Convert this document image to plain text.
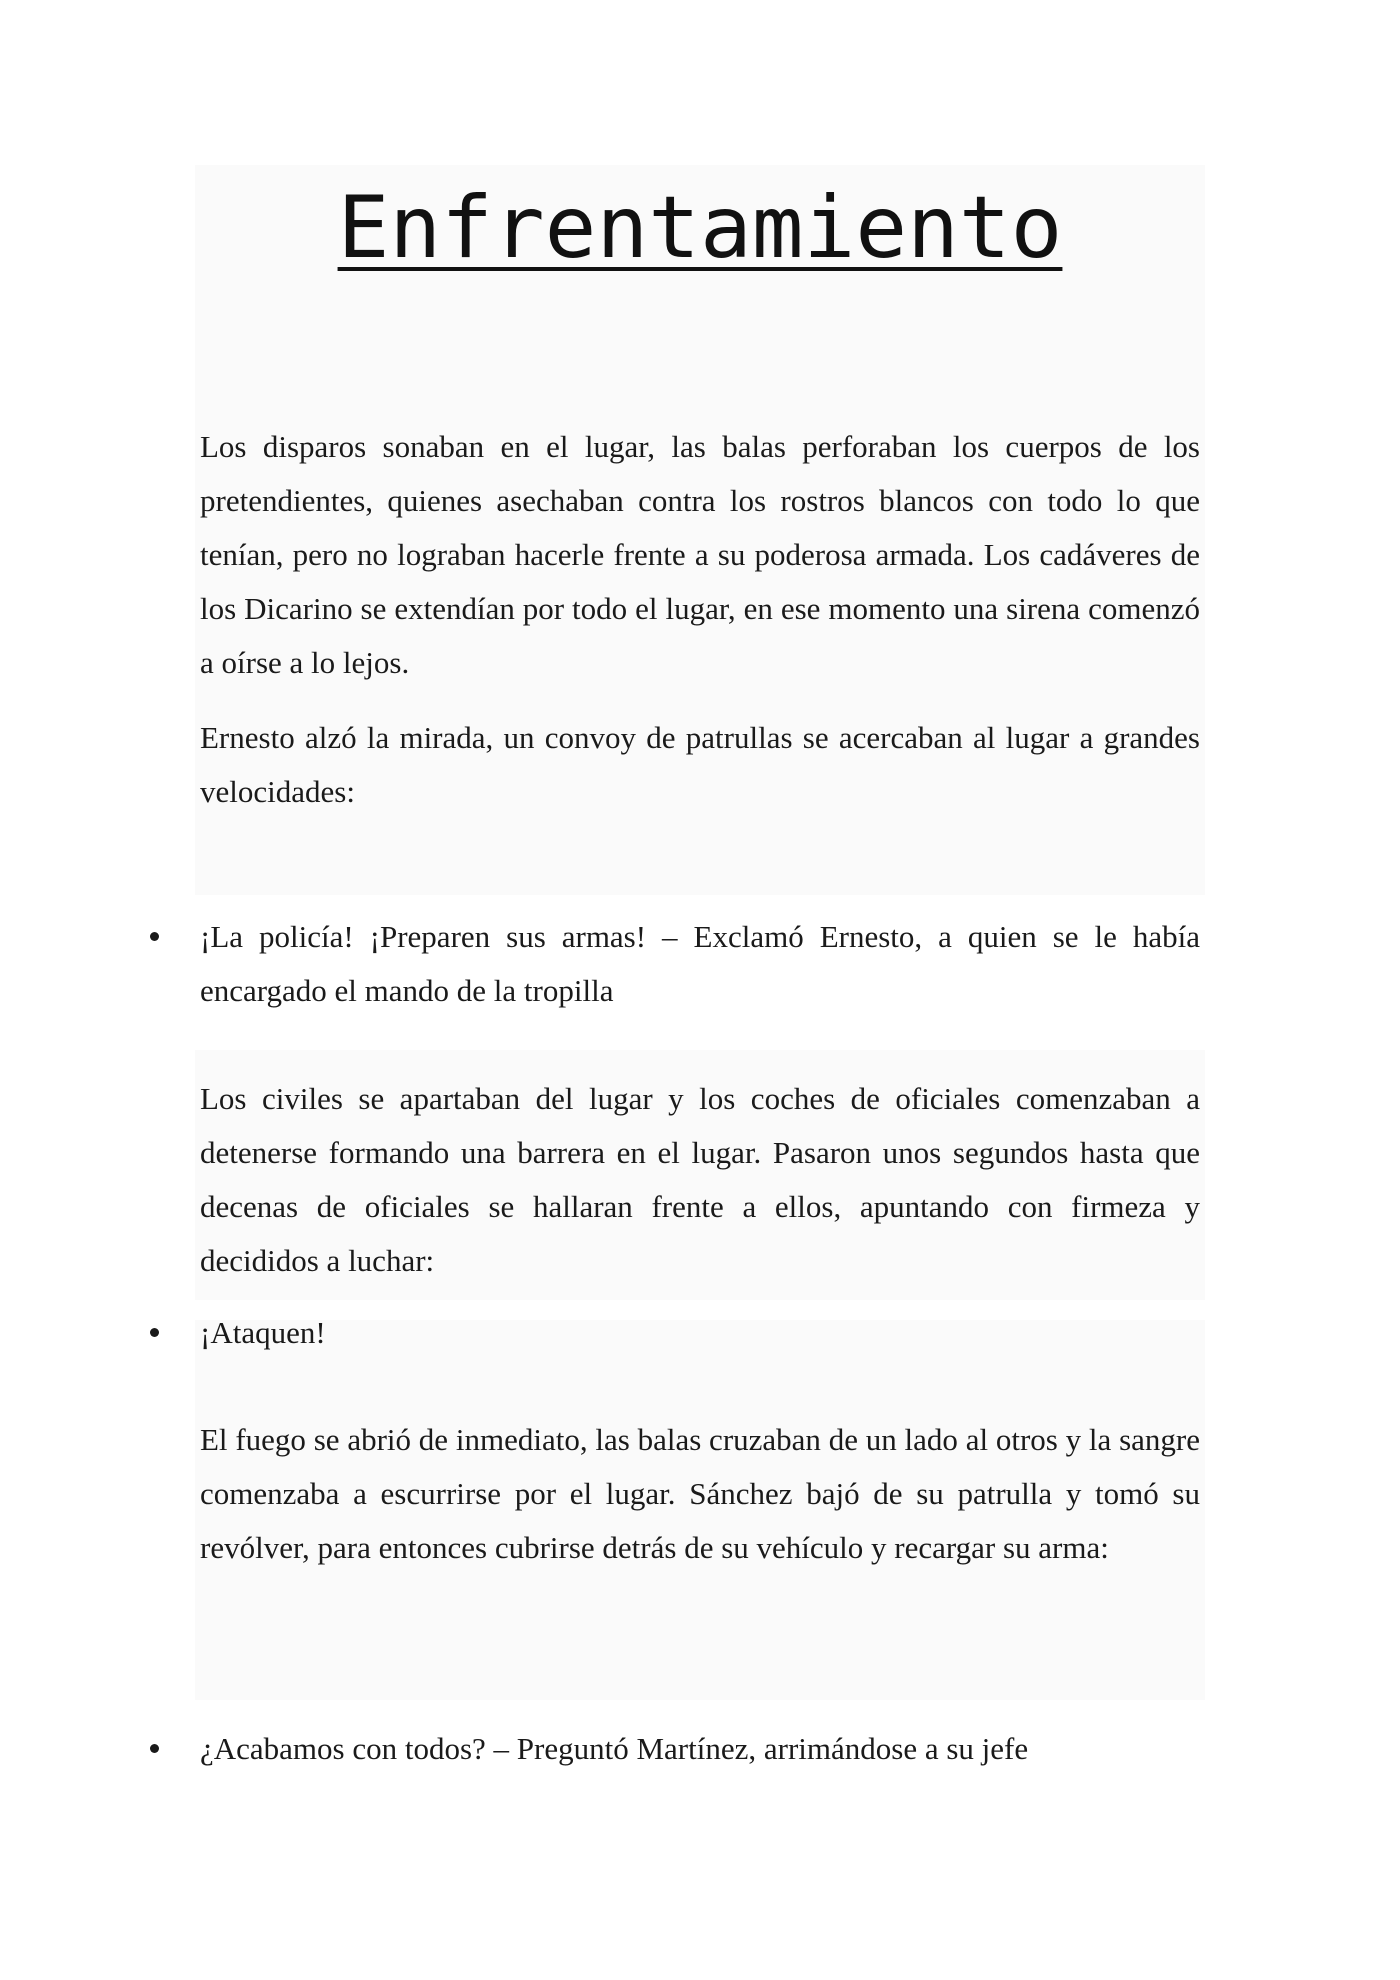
Enfrentamiento

Los disparos sonaban en el lugar, las balas perforaban los cuerpos de los pretendientes, quienes asechaban contra los rostros blancos con todo lo que tenían, pero no lograban hacerle frente a su poderosa armada. Los cadáveres de los Dicarino se extendían por todo el lugar, en ese momento una sirena comenzó a oírse a lo lejos.

Ernesto alzó la mirada, un convoy de patrullas se acercaban al lugar a grandes velocidades:

¡La policía! ¡Preparen sus armas! – Exclamó Ernesto, a quien se le había encargado el mando de la tropilla

Los civiles se apartaban del lugar y los coches de oficiales comenzaban a detenerse formando una barrera en el lugar. Pasaron unos segundos hasta que decenas de oficiales se hallaran frente a ellos, apuntando con firmeza y decididos a luchar:

¡Ataquen!

El fuego se abrió de inmediato, las balas cruzaban de un lado al otros y la sangre comenzaba a escurrirse por el lugar. Sánchez bajó de su patrulla y tomó su revólver, para entonces cubrirse detrás de su vehículo y recargar su arma:

¿Acabamos con todos? – Preguntó Martínez, arrimándose a su jefe
